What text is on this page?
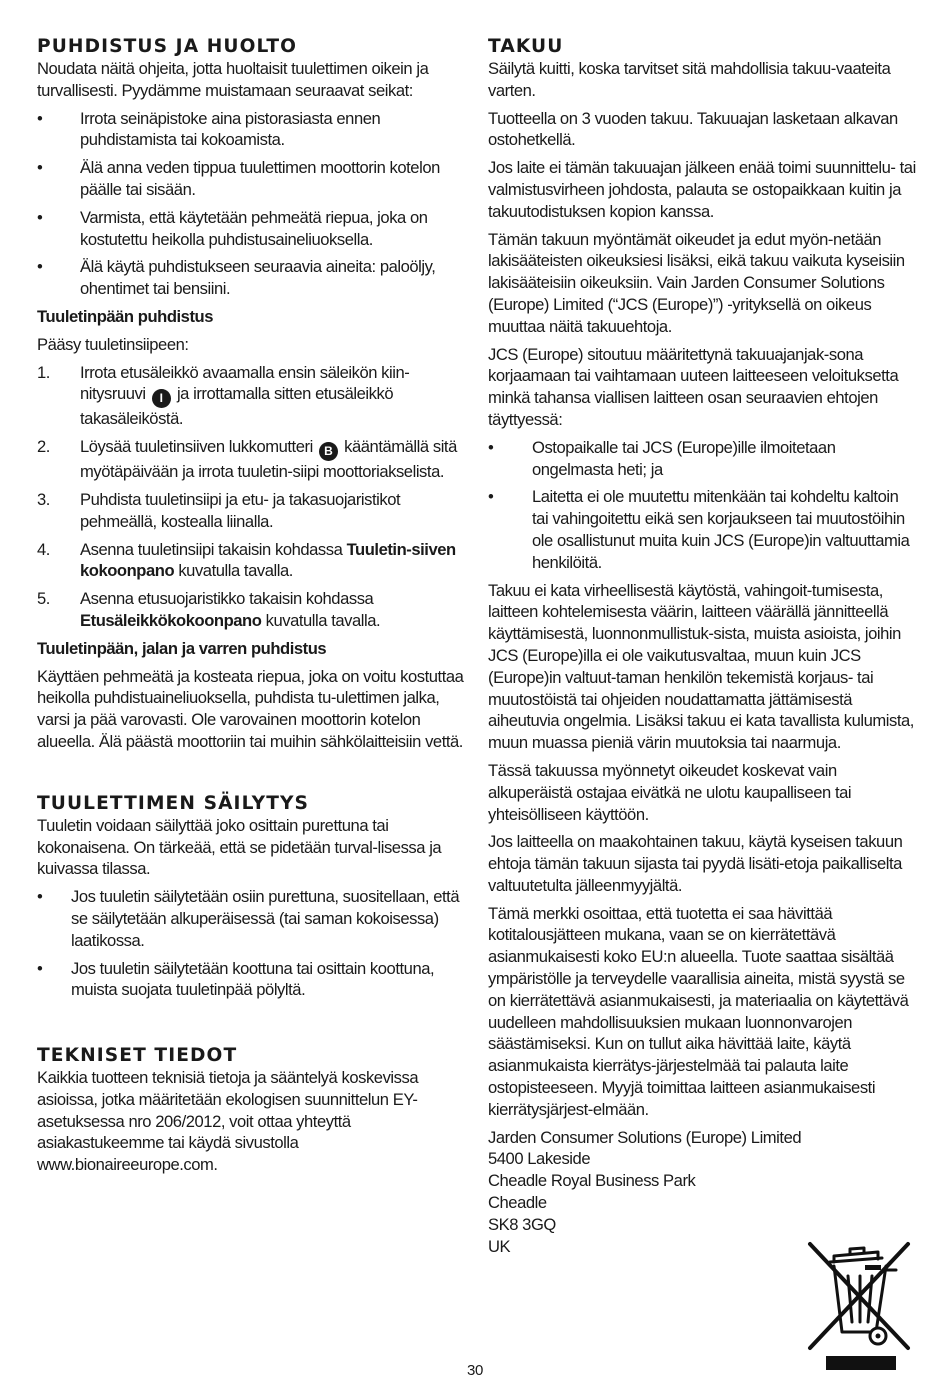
PUHDISTUS JA HUOLTO

Noudata näitä ohjeita, jotta huoltaisit tuulettimen oikein ja turvallisesti. Pyydämme muistamaan seuraavat seikat:

• Irrota seinäpistoke aina pistorasiasta ennen puhdistamista tai kokoamista.
• Älä anna veden tippua tuulettimen moottorin kotelon päälle tai sisään.
• Varmista, että käytetään pehmeätä riepua, joka on kostutettu heikolla puhdistusaineliuoksella.
• Älä käytä puhdistukseen seuraavia aineita: palоöljy, ohentimet tai bensiini.
Tuuletinpään puhdistus

Pääsy tuuletinsiipeen:

1. Irrota etusäleikkö avaamalla ensin säleikön kiin-nitysruuvi I ja irrottamalla sitten etusäleikkö takasäleiköstä.
2. Löysää tuuletinsiiven lukkomutteri B kääntämällä sitä myötäpäivään ja irrota tuuletin-siipi moottoriakselista.
3. Puhdista tuuletinsiipi ja etu- ja takasuojaristikot pehmeällä, kostealla liinalla.
4. Asenna tuuletinsiipi takaisin kohdassa Tuuletin-siiven kokoonpano kuvatulla tavalla.
5. Asenna etusuojaristikko takaisin kohdassa Etusäleikkökokoonpano kuvatulla tavalla.
Tuuletinpään, jalan ja varren puhdistus

Käyttäen pehmeätä ja kosteata riepua, joka on voitu kostuttaa heikolla puhdistuaineliuoksella, puhdista tu-ulettimen jalka, varsi ja pää varovasti. Ole varovainen moottorin kotelon alueella. Älä päästä moottoriin tai muihin sähkölaitteisiin vettä.

TUULETTIMEN SÄILYTYS

Tuuletin voidaan säilyttää joko osittain purettuna tai kokonaisena. On tärkeää, että se pidetään turval-lisessa ja kuivassa tilassa.

• Jos tuuletin säilytetään osiin purettuna, suositellaan, että se säilytetään alkuperäisessä (tai saman kokoisessa) laatikossa.
• Jos tuuletin säilytetään koottuna tai osittain koottuna, muista suojata tuuletinpää pölyltä.
TEKNISET TIEDOT

Kaikkia tuotteen teknisiä tietoja ja sääntelyä koskevissa asioissa, jotka määritetään ekologisen suunnittelun EY-asetuksessa nro 206/2012, voit ottaa yhteyttä asiakastukeemme tai käydä sivustolla www.bionaireeurope.com.

TAKUU

Säilytä kuitti, koska tarvitset sitä mahdollisia takuu-vaateita varten.

Tuotteella on 3 vuoden takuu. Takuuajan lasketaan alkavan ostohetkellä.

Jos laite ei tämän takuuajan jälkeen enää toimi suunnittelu- tai valmistusvirheen johdosta, palauta se ostopaikkaan kuitin ja takuutodistuksen kopion kanssa.

Tämän takuun myöntämät oikeudet ja edut myön-netään lakisääteisten oikeuksiesi lisäksi, eikä takuu vaikuta kyseisiin lakisääteisiin oikeuksiin. Vain Jarden Consumer Solutions (Europe) Limited (“JCS (Europe)”) -yrityksellä on oikeus muuttaa näitä takuuehtoja.

JCS (Europe) sitoutuu määritettynä takuuajanjak-sona korjaamaan tai vaihtamaan uuteen laitteeseen veloituksetta minkä tahansa viallisen laitteen osan seuraavien ehtojen täyttyessä:

• Ostopaikalle tai JCS (Europe)ille ilmoitetaan ongelmasta heti; ja
• Laitetta ei ole muutettu mitenkään tai kohdeltu kaltoin tai vahingoitettu eikä sen korjaukseen tai muutostöihin ole osallistunut muita kuin JCS (Europe)in valtuuttamia henkilöitä.

Takuu ei kata virheellisestä käytöstä, vahingoit-tumisesta, laitteen kohtelemisesta väärin, laitteen väärällä jännitteellä käyttämisestä, luonnonmullistuk-sista, muista asioista, joihin JCS (Europe)illa ei ole vaikutusvaltaa, muun kuin JCS (Europe)in valtuut-taman henkilön tekemistä korjaus- tai muutostöistä tai ohjeiden noudattamatta jättämisestä aiheutuvia ongelmia. Lisäksi takuu ei kata tavallista kulumista, muun muassa pieniä värin muutoksia tai naarmuja.

Tässä takuussa myönnetyt oikeudet koskevat vain alkuperäistä ostajaa eivätkä ne ulotu kaupalliseen tai yhteisölliseen käyttöön.

Jos laitteella on maakohtainen takuu, käytä kyseisen takuun ehtoja tämän takuun sijasta tai pyydä lisäti-etoja paikalliselta valtuutetulta jälleenmyyjältä.

Tämä merkki osoittaa, että tuotetta ei saa hävittää kotitalousjätteen mukana, vaan se on kierrätettävä asianmukaisesti koko EU:n alueella. Tuote saattaa sisältää ympäristölle ja terveydelle vaarallisia aineita, mistä syystä se on kierrätettävä asianmukaisesti, ja materiaalia on käytettävä uudelleen mahdollisuuksien mukaan luonnonvarojen säästämiseksi. Kun on tullut aika hävittää laite, käytä asianmukaista kierrätys-järjestelmää tai palauta laite ostopisteeseen. Myyjä toimittaa laitteen asianmukaisesti kierrätysjärjest-elmään.

Jarden Consumer Solutions (Europe) Limited
5400 Lakeside
Cheadle Royal Business Park
Cheadle
SK8 3GQ
UK
30
